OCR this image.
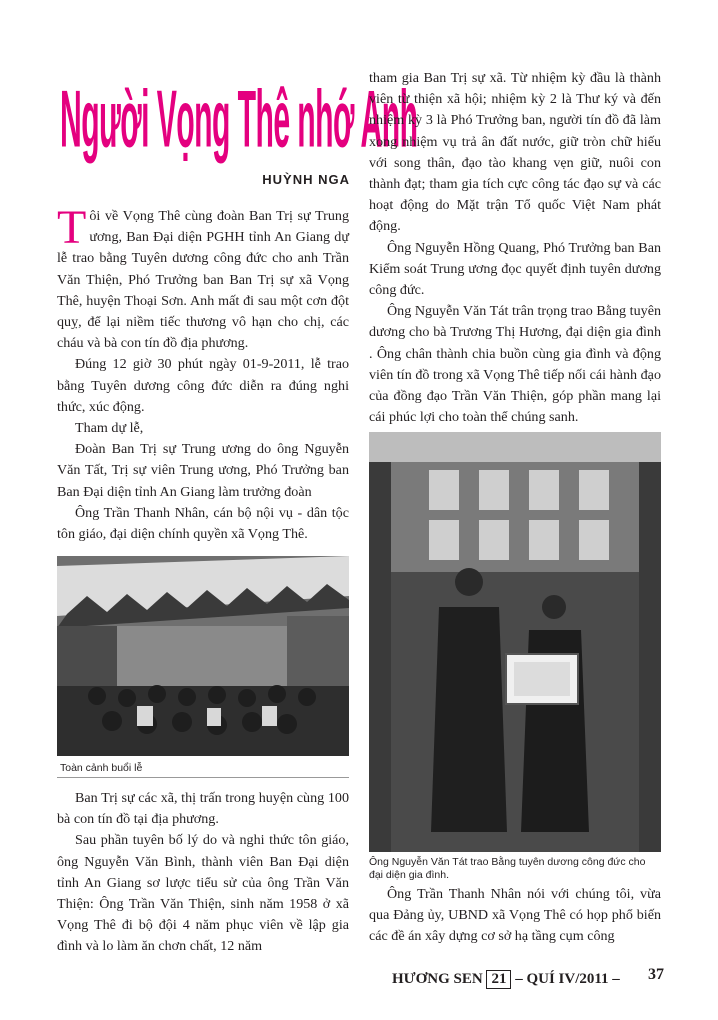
Người Vọng Thê nhớ Anh
HUỲNH NGA

Tôi về Vọng Thê cùng đoàn Ban Trị sự Trung ương, Ban Đại diện PGHH tỉnh An Giang dự lễ trao bằng Tuyên dương công đức cho anh Trần Văn Thiện, Phó Trưởng ban Ban Trị sự xã Vọng Thê, huyện Thoại Sơn. Anh mất đi sau một cơn đột quỵ, để lại niềm tiếc thương vô hạn cho chị, các cháu và bà con tín đồ địa phương.

Đúng 12 giờ 30 phút ngày 01-9-2011, lễ trao bằng Tuyên dương công đức diễn ra đúng nghi thức, xúc động.

Tham dự lễ,

Đoàn Ban Trị sự Trung ương do ông Nguyễn Văn Tất, Trị sự viên Trung ương, Phó Trưởng ban Ban Đại diện tỉnh An Giang làm trưởng đoàn

Ông Trần Thanh Nhân, cán bộ nội vụ - dân tộc tôn giáo, đại diện chính quyền xã Vọng Thê.

Toàn cảnh buổi lễ

Ban Trị sự các xã, thị trấn trong huyện cùng 100 bà con tín đồ tại địa phương.

Sau phần tuyên bố lý do và nghi thức tôn giáo, ông Nguyễn Văn Bình, thành viên Ban Đại diện tỉnh An Giang sơ lược tiểu sử của ông Trần Văn Thiện: Ông Trần Văn Thiện, sinh năm 1958 ở xã Vọng Thê đi bộ đội 4 năm phục viên về lập gia đình và lo làm ăn chơn chất, 12 năm

tham gia Ban Trị sự xã. Từ nhiệm kỳ đầu là thành viên từ thiện xã hội; nhiệm kỳ 2 là Thư ký và đến nhiệm kỳ 3 là Phó Trưởng ban, người tín đồ đã làm xong nhiệm vụ trả ân đất nước, giữ tròn chữ hiếu với song thân, đạo tào khang vẹn giữ, nuôi con thành đạt; tham gia tích cực công tác đạo sự và các hoạt động do Mặt trận Tổ quốc Việt Nam phát động.

Ông Nguyễn Hồng Quang, Phó Trưởng ban Ban Kiểm soát Trung ương đọc quyết định tuyên dương công đức.

Ông Nguyễn Văn Tát trân trọng trao Bằng tuyên dương cho bà Trương Thị Hương, đại diện gia đình . Ông chân thành chia buồn cùng gia đình và động viên tín đồ trong xã Vọng Thê tiếp nối cái hành đạo của đồng đạo Trần Văn Thiện, góp phần mang lại cái phúc lợi cho toàn thể chúng sanh.

Ông Nguyễn Văn Tát trao Bằng tuyên dương công đức cho đại diện gia đình.

Ông Trần Thanh Nhân nói với chúng tôi, vừa qua Đảng ủy, UBND xã Vọng Thê có họp phổ biến các đề án xây dựng cơ sở hạ tầng cụm công

HƯƠNG SEN 21 – QUÍ IV/2011 – 37
